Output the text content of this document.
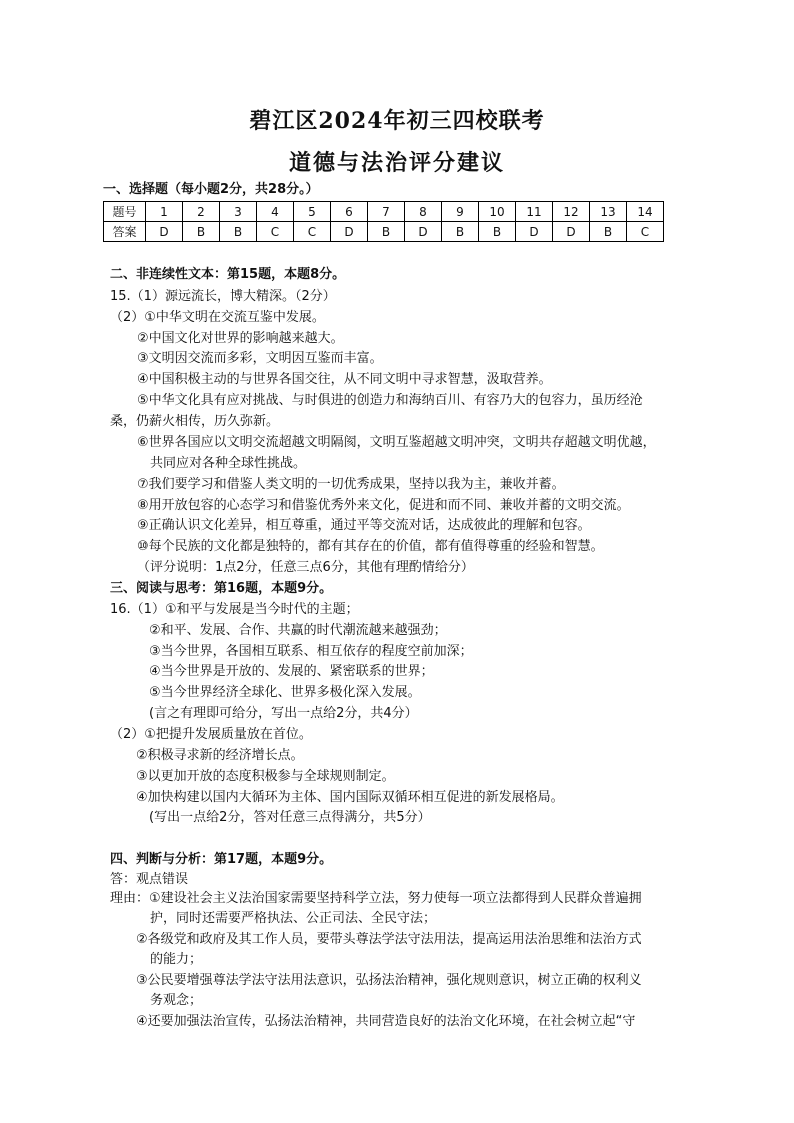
碧江区2024年初三四校联考
道德与法治评分建议
一、选择题（每小题2分，共28分。）
题号	1	2	3	4	5	6	7	8	9	10	11	12	13	14
答案	D	B	B	C	C	D	B	D	B	B	D	D	B	C
二、非连续性文本：第15题，本题8分。
15.（1）源远流长，博大精深。（2分）
（2）①中华文明在交流互鉴中发展。
②中国文化对世界的影响越来越大。
③文明因交流而多彩，文明因互鉴而丰富。
④中国积极主动的与世界各国交往，从不同文明中寻求智慧，汲取营养。
⑤中华文化具有应对挑战、与时俱进的创造力和海纳百川、有容乃大的包容力，虽历经沧
桑，仍薪火相传，历久弥新。
⑥世界各国应以文明交流超越文明隔阂，文明互鉴超越文明冲突，文明共存超越文明优越，
共同应对各种全球性挑战。
⑦我们要学习和借鉴人类文明的一切优秀成果，坚持以我为主，兼收并蓄。
⑧用开放包容的心态学习和借鉴优秀外来文化，促进和而不同、兼收并蓄的文明交流。
⑨正确认识文化差异，相互尊重，通过平等交流对话，达成彼此的理解和包容。
⑩每个民族的文化都是独特的，都有其存在的价值，都有值得尊重的经验和智慧。
（评分说明：1点2分，任意三点6分，其他有理酌情给分）
三、阅读与思考：第16题，本题9分。
16.（1）①和平与发展是当今时代的主题；
②和平、发展、合作、共赢的时代潮流越来越强劲；
③当今世界，各国相互联系、相互依存的程度空前加深；
④当今世界是开放的、发展的、紧密联系的世界；
⑤当今世界经济全球化、世界多极化深入发展。
(言之有理即可给分，写出一点给2分，共4分）
（2）①把提升发展质量放在首位。
②积极寻求新的经济增长点。
③以更加开放的态度积极参与全球规则制定。
④加快构建以国内大循环为主体、国内国际双循环相互促进的新发展格局。
(写出一点给2分，答对任意三点得满分，共5分）
四、判断与分析：第17题，本题9分。
答：观点错误
理由：①建设社会主义法治国家需要坚持科学立法，努力使每一项立法都得到人民群众普遍拥
护，同时还需要严格执法、公正司法、全民守法；
②各级党和政府及其工作人员，要带头尊法学法守法用法，提高运用法治思维和法治方式
的能力；
③公民要增强尊法学法守法用法意识，弘扬法治精神，强化规则意识，树立正确的权利义
务观念；
④还要加强法治宣传，弘扬法治精神，共同营造良好的法治文化环境，在社会树立起“守
